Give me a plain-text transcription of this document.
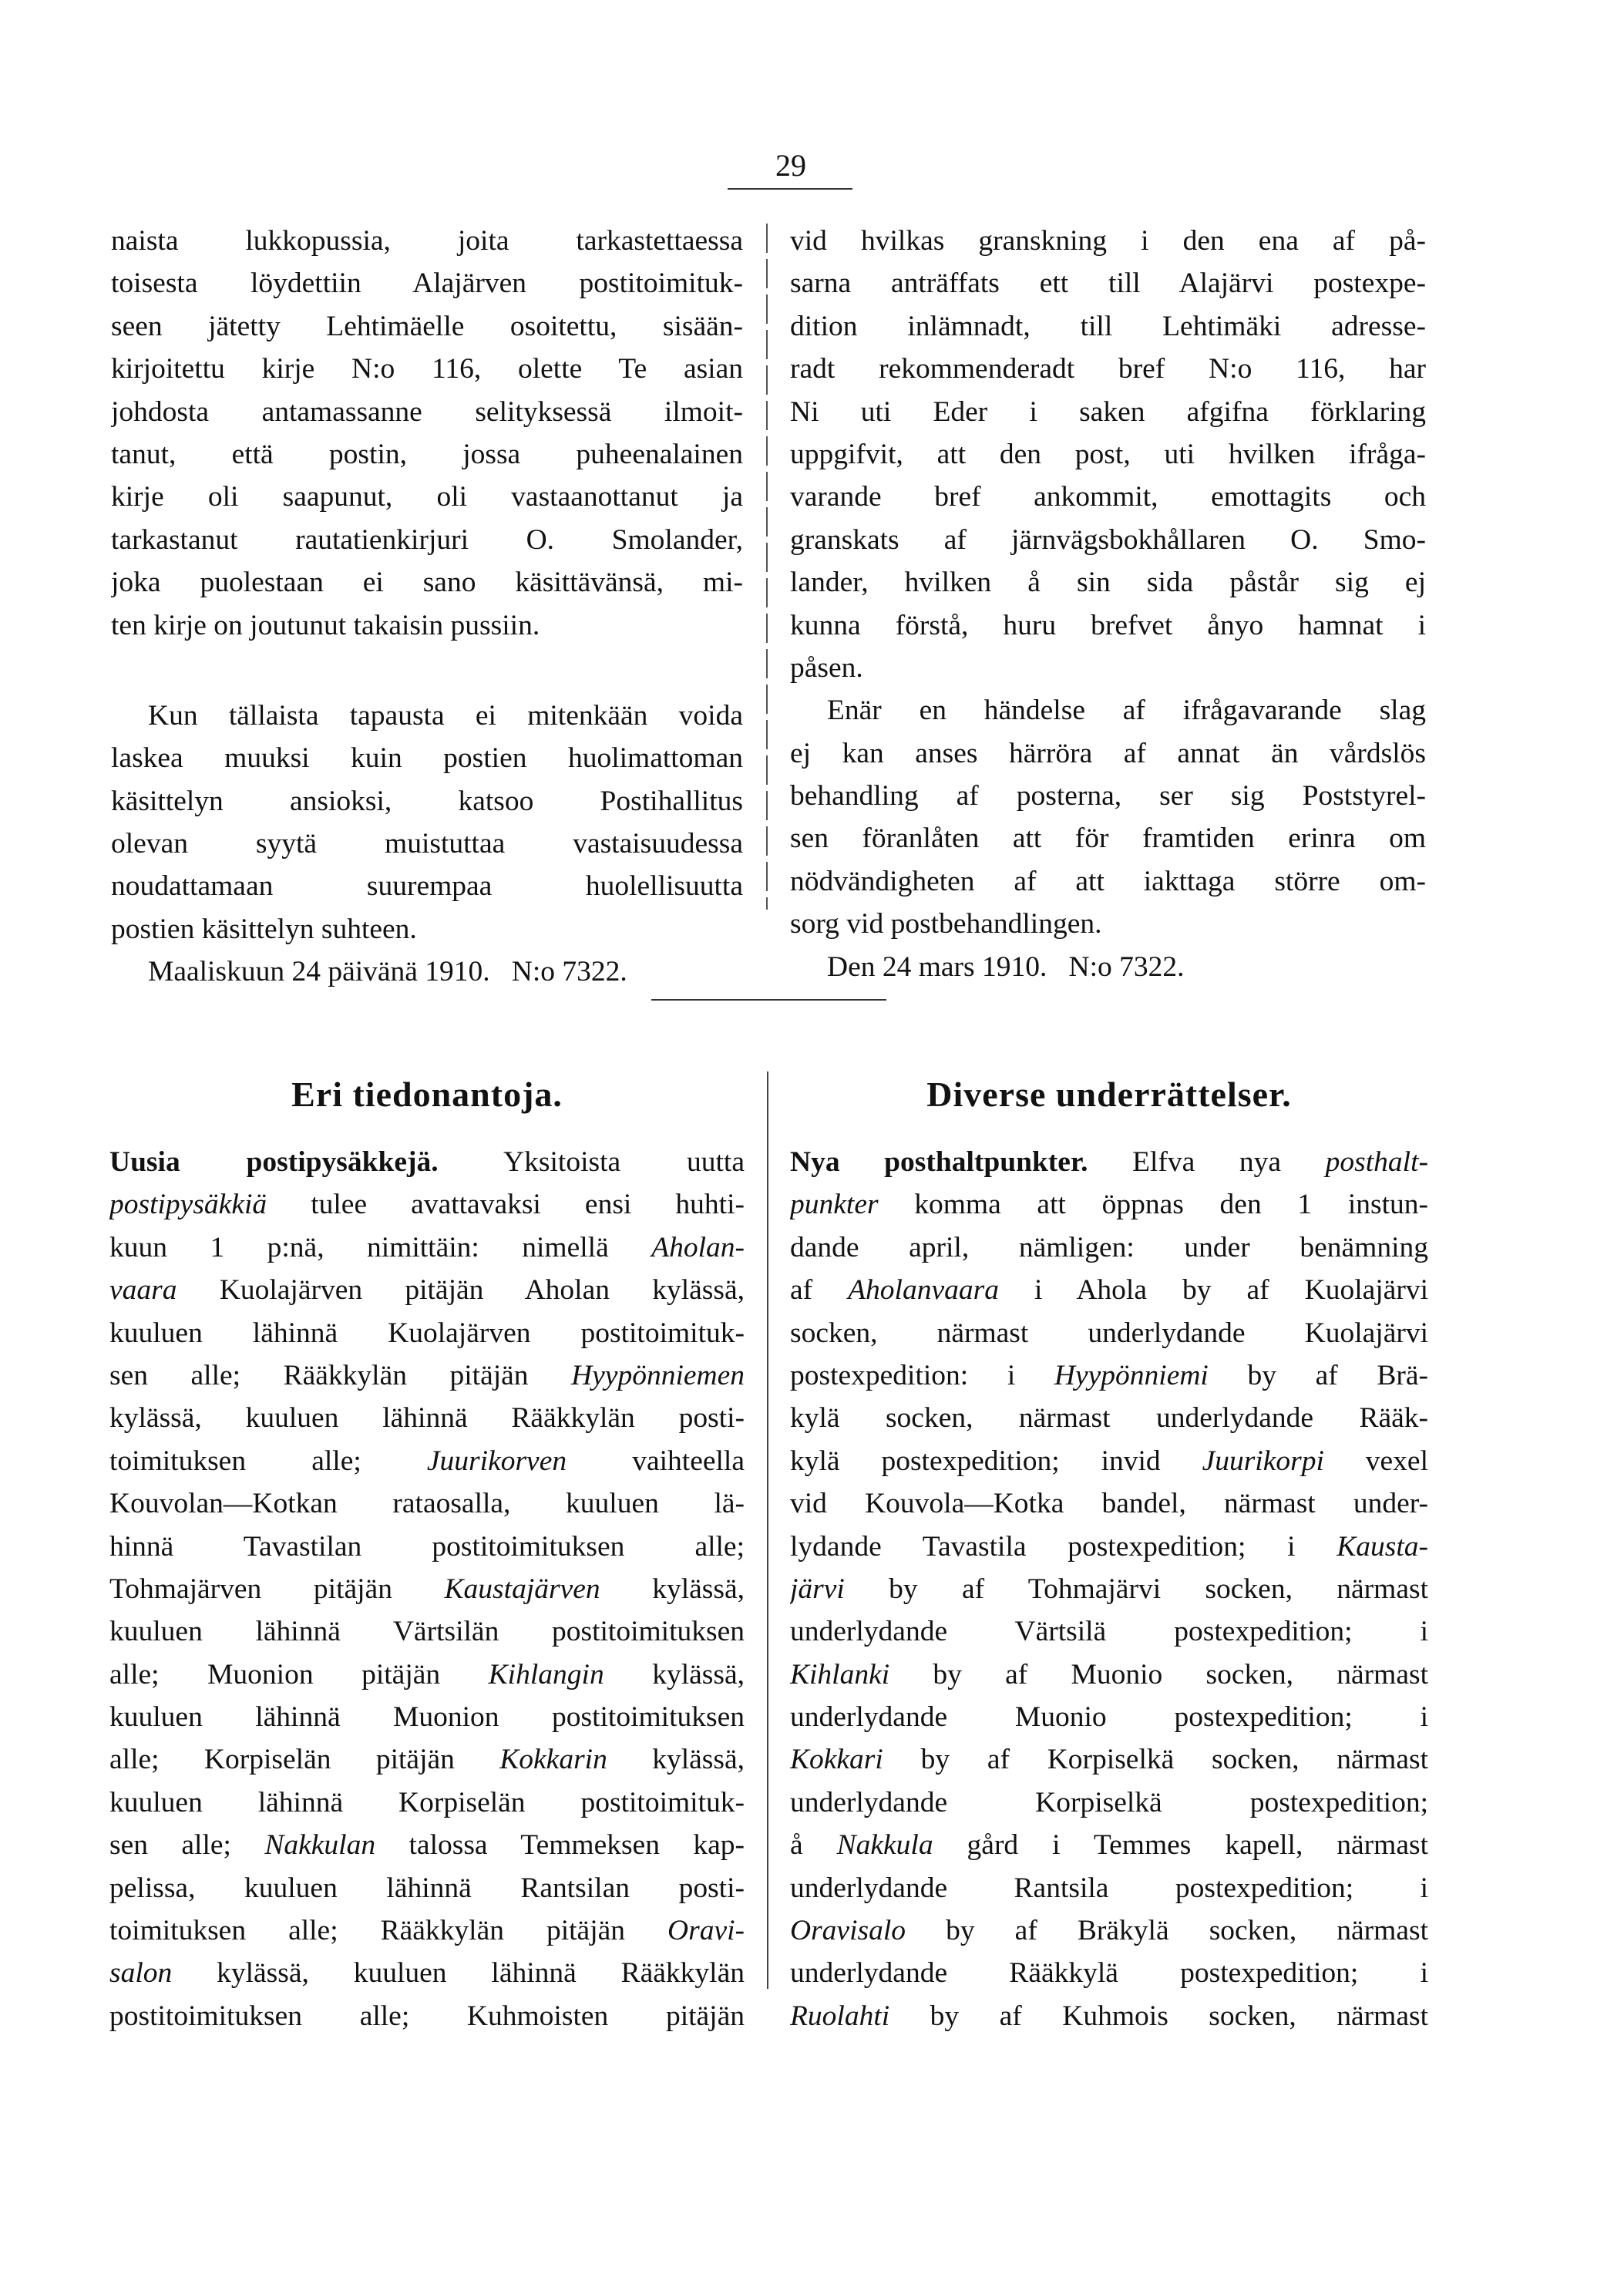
29
naista lukkopussia, joita tarkastettaessa
toisesta löydettiin Alajärven postitoimituk-
seen jätetty Lehtimäelle osoitettu, sisään-
kirjoitettu kirje N:o 116, olette Te asian
johdosta antamassanne selityksessä ilmoit-
tanut, että postin, jossa puheenalainen
kirje oli saapunut, oli vastaanottanut ja
tarkastanut rautatienkirjuri O. Smolander,
joka puolestaan ei sano käsittävänsä, mi-
ten kirje on joutunut takaisin pussiin.
Kun tällaista tapausta ei mitenkään voida
laskea muuksi kuin postien huolimattoman
käsittelyn ansioksi, katsoo Postihallitus
olevan syytä muistuttaa vastaisuudessa
noudattamaan suurempaa huolellisuutta
postien käsittelyn suhteen.
Maaliskuun 24 päivänä 1910.   N:o 7322.
vid hvilkas granskning i den ena af på-
sarna anträffats ett till Alajärvi postexpe-
dition inlämnadt, till Lehtimäki adresse-
radt rekommenderadt bref N:o 116, har
Ni uti Eder i saken afgifna förklaring
uppgifvit, att den post, uti hvilken ifråga-
varande bref ankommit, emottagits och
granskats af järnvägsbokhållaren O. Smo-
lander, hvilken å sin sida påstår sig ej
kunna förstå, huru brefvet ånyo hamnat i
påsen.
Enär en händelse af ifrågavarande slag
ej kan anses härröra af annat än vårdslös
behandling af posterna, ser sig Poststyrel-
sen föranlåten att för framtiden erinra om
nödvändigheten af att iakttaga större om-
sorg vid postbehandlingen.
Den 24 mars 1910.   N:o 7322.
Eri tiedonantoja.	Diverse underrättelser.
Uusia postipysäkkejä. Yksitoista uutta
postipysäkkiä tulee avattavaksi ensi huhti-
kuun 1 p:nä, nimittäin: nimellä Aholan-
vaara Kuolajärven pitäjän Aholan kylässä,
kuuluen lähinnä Kuolajärven postitoimituk-
sen alle; Rääkkylän pitäjän Hyypönniemen
kylässä, kuuluen lähinnä Rääkkylän posti-
toimituksen alle; Juurikorven vaihteella
Kouvolan—Kotkan rataosalla, kuuluen lä-
hinnä Tavastilan postitoimituksen alle;
Tohmajärven pitäjän Kaustajärven kylässä,
kuuluen lähinnä Värtsilän postitoimituksen
alle; Muonion pitäjän Kihlangin kylässä,
kuuluen lähinnä Muonion postitoimituksen
alle; Korpiselän pitäjän Kokkarin kylässä,
kuuluen lähinnä Korpiselän postitoimituk-
sen alle; Nakkulan talossa Temmeksen kap-
pelissa, kuuluen lähinnä Rantsilan posti-
toimituksen alle; Rääkkylän pitäjän Oravi-
salon kylässä, kuuluen lähinnä Rääkkylän
postitoimituksen alle; Kuhmoisten pitäjän
Nya posthaltpunkter. Elfva nya posthalt-
punkter komma att öppnas den 1 instun-
dande april, nämligen: under benämning
af Aholanvaara i Ahola by af Kuolajärvi
socken, närmast underlydande Kuolajärvi
postexpedition: i Hyypönniemi by af Brä-
kylä socken, närmast underlydande Rääk-
kylä postexpedition; invid Juurikorpi vexel
vid Kouvola—Kotka bandel, närmast under-
lydande Tavastila postexpedition; i Kausta-
järvi by af Tohmajärvi socken, närmast
underlydande Värtsilä postexpedition; i
Kihlanki by af Muonio socken, närmast
underlydande Muonio postexpedition; i
Kokkari by af Korpiselkä socken, närmast
underlydande Korpiselkä postexpedition;
å Nakkula gård i Temmes kapell, närmast
underlydande Rantsila postexpedition; i
Oravisalo by af Bräkylä socken, närmast
underlydande Rääkkylä postexpedition; i
Ruolahti by af Kuhmois socken, närmast
